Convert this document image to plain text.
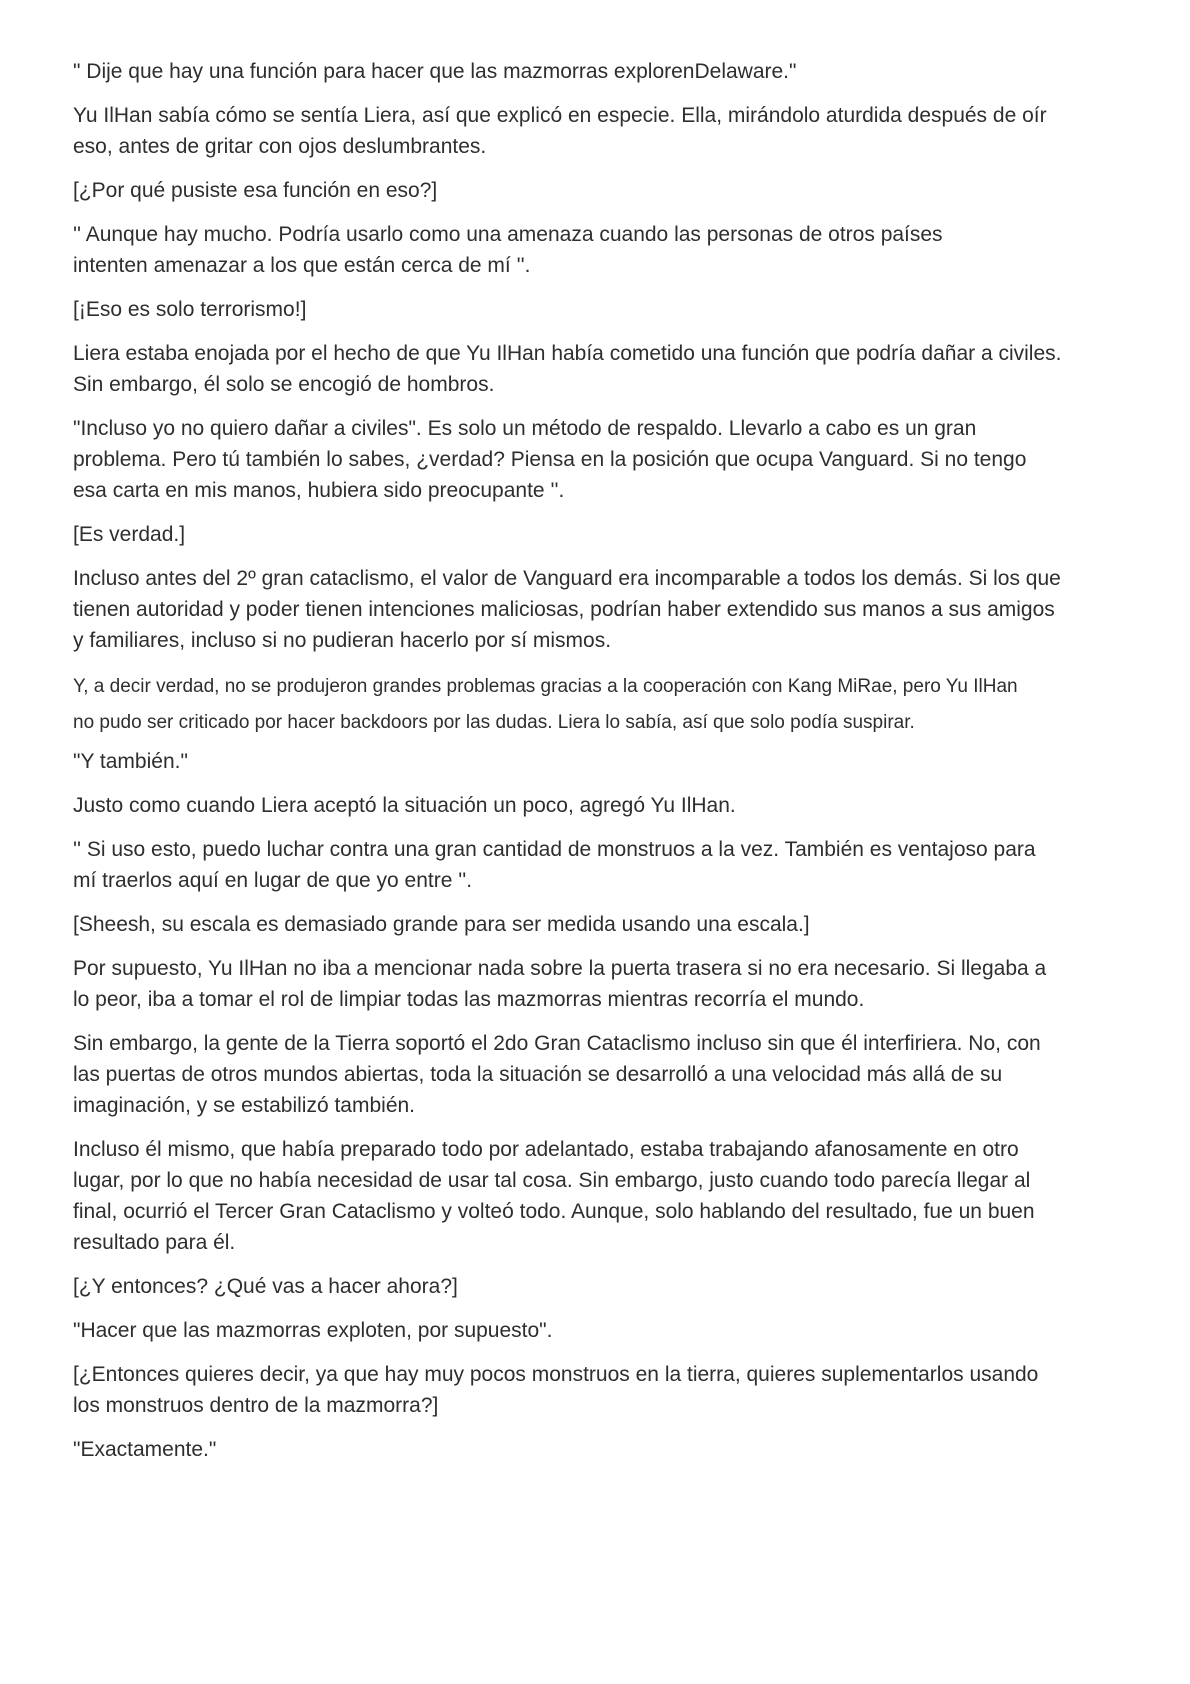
" Dije que hay una función para hacer que las mazmorras explorenDelaware."

Yu IlHan sabía cómo se sentía Liera, así que explicó en especie. Ella, mirándolo aturdida después de oír
eso, antes de gritar con ojos deslumbrantes.

[¿Por qué pusiste esa función en eso?]

'' Aunque hay mucho. Podría usarlo como una amenaza cuando las personas de otros países
intenten amenazar a los que están cerca de mí ''.

[¡Eso es solo terrorismo!]

Liera estaba enojada por el hecho de que Yu IlHan había cometido una función que podría dañar a civiles.
Sin embargo, él solo se encogió de hombros.

"Incluso yo no quiero dañar a civiles". Es solo un método de respaldo. Llevarlo a cabo es un gran
problema. Pero tú también lo sabes, ¿verdad? Piensa en la posición que ocupa Vanguard. Si no tengo
esa carta en mis manos, hubiera sido preocupante ''.

[Es verdad.]

Incluso antes del 2º gran cataclismo, el valor de Vanguard era incomparable a todos los demás. Si los que
tienen autoridad y poder tienen intenciones maliciosas, podrían haber extendido sus manos a sus amigos
y familiares, incluso si no pudieran hacerlo por sí mismos.

Y, a decir verdad, no se produjeron grandes problemas gracias a la cooperación con Kang MiRae, pero Yu IlHan
no pudo ser criticado por hacer backdoors por las dudas. Liera lo sabía, así que solo podía suspirar.

"Y también."

Justo como cuando Liera aceptó la situación un poco, agregó Yu IlHan.

'' Si uso esto, puedo luchar contra una gran cantidad de monstruos a la vez. También es ventajoso para
mí traerlos aquí en lugar de que yo entre ''.

[Sheesh, su escala es demasiado grande para ser medida usando una escala.]

Por supuesto, Yu IlHan no iba a mencionar nada sobre la puerta trasera si no era necesario. Si llegaba a
lo peor, iba a tomar el rol de limpiar todas las mazmorras mientras recorría el mundo.

Sin embargo, la gente de la Tierra soportó el 2do Gran Cataclismo incluso sin que él interfiriera. No, con
las puertas de otros mundos abiertas, toda la situación se desarrolló a una velocidad más allá de su
imaginación, y se estabilizó también.

Incluso él mismo, que había preparado todo por adelantado, estaba trabajando afanosamente en otro
lugar, por lo que no había necesidad de usar tal cosa. Sin embargo, justo cuando todo parecía llegar al
final, ocurrió el Tercer Gran Cataclismo y volteó todo. Aunque, solo hablando del resultado, fue un buen
resultado para él.

[¿Y entonces? ¿Qué vas a hacer ahora?]

"Hacer que las mazmorras exploten, por supuesto".

[¿Entonces quieres decir, ya que hay muy pocos monstruos en la tierra, quieres suplementarlos usando
los monstruos dentro de la mazmorra?]

"Exactamente."
